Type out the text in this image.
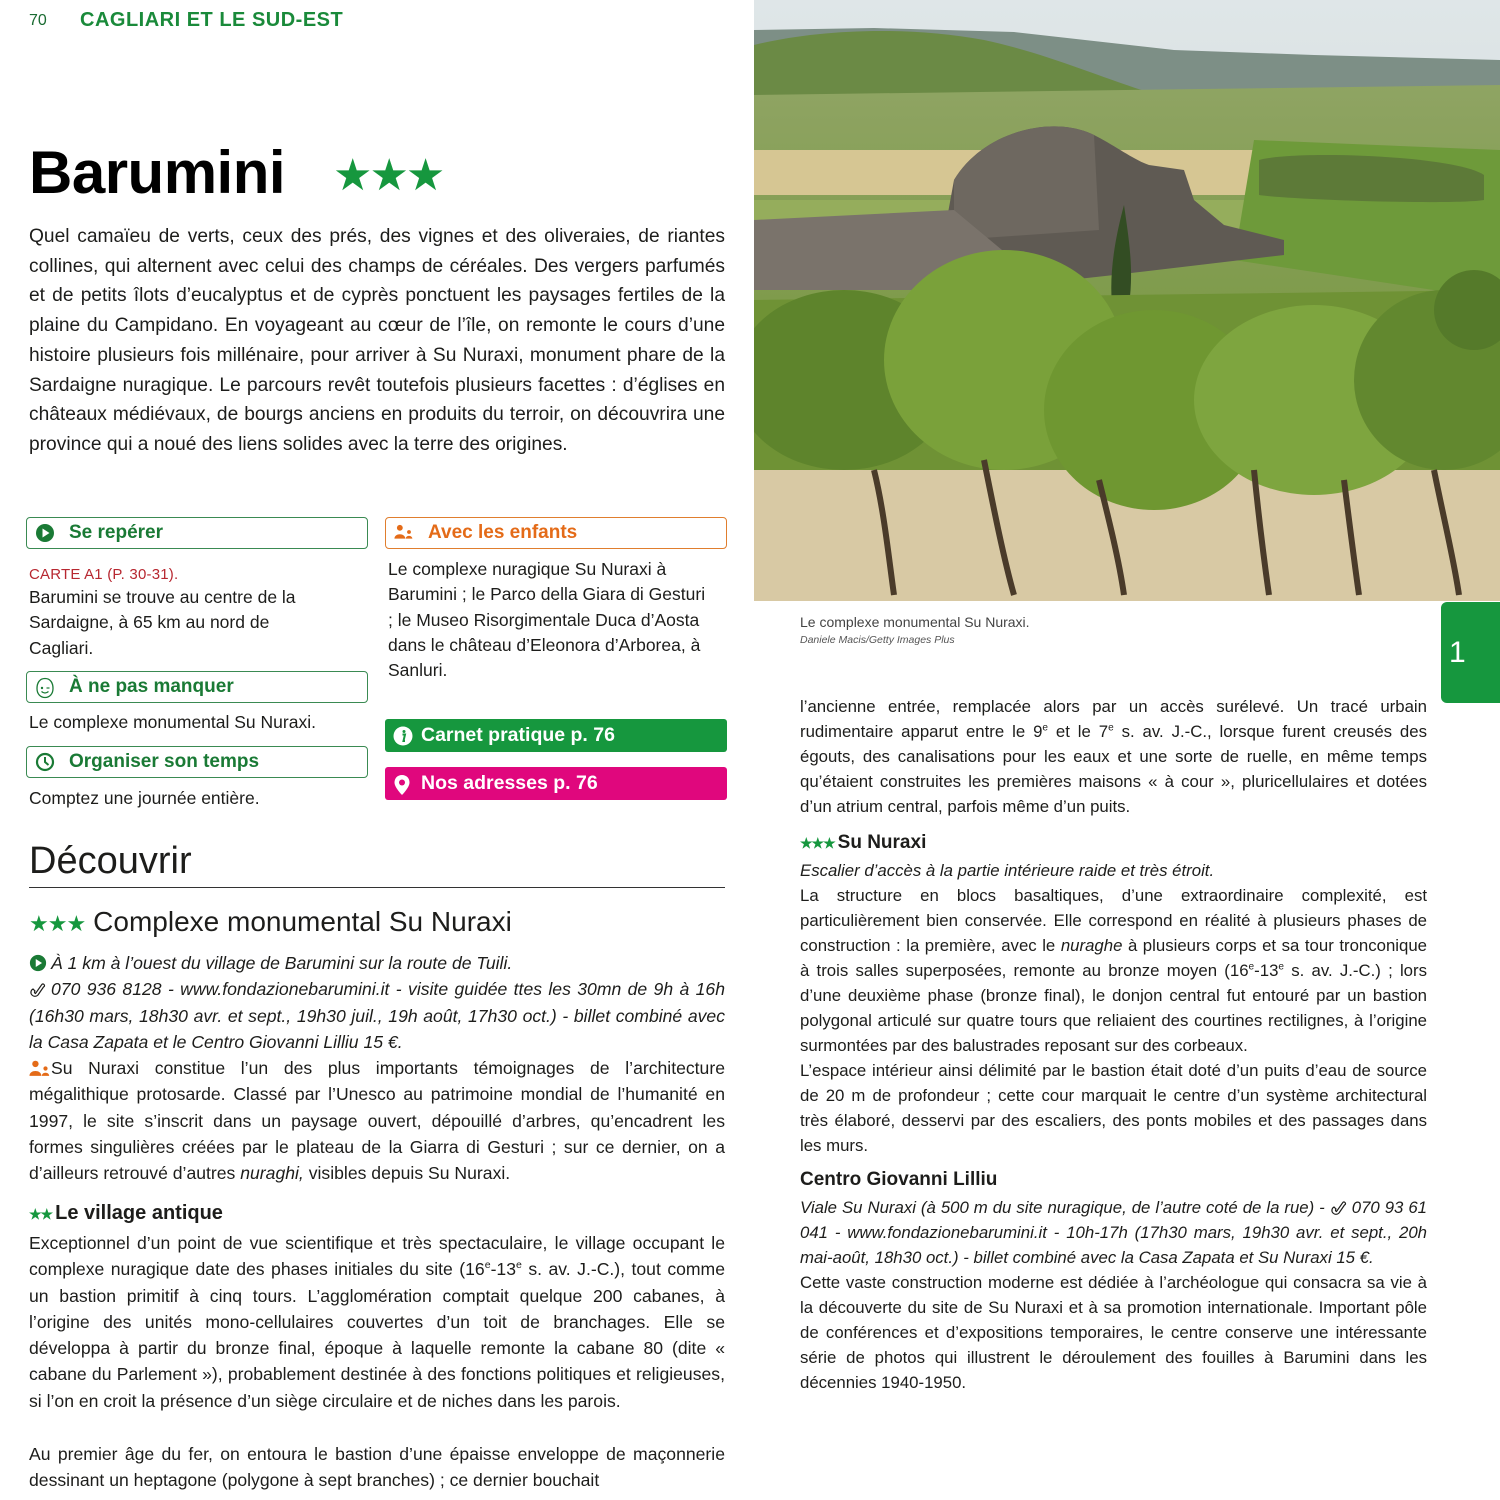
70 CAGLIARI ET LE SUD-EST
Barumini ★★★
Quel camaïeu de verts, ceux des prés, des vignes et des oliveraies, de riantes collines, qui alternent avec celui des champs de céréales. Des vergers parfumés et de petits îlots d’eucalyptus et de cyprès ponctuent les paysages fertiles de la plaine du Campidano. En voyageant au cœur de l’île, on remonte le cours d’une histoire plusieurs fois millénaire, pour arriver à Su Nuraxi, monument phare de la Sardaigne nuragique. Le parcours revêt toutefois plusieurs facettes : d’églises en châteaux médiévaux, de bourgs anciens en produits du terroir, on découvrira une province qui a noué des liens solides avec la terre des origines.
Se repérer
CARTE A1 (P. 30-31).
Barumini se trouve au centre de la Sardaigne, à 65 km au nord de Cagliari.
À ne pas manquer
Le complexe monumental Su Nuraxi.
Organiser son temps
Comptez une journée entière.
Avec les enfants
Le complexe nuragique Su Nuraxi à Barumini ; le Parco della Giara di Gesturi ; le Museo Risorgimentale Duca d’Aosta dans le château d’Eleonora d’Arborea, à Sanluri.
Carnet pratique p. 76
Nos adresses p. 76
Découvrir
★★★ Complexe monumental Su Nuraxi
À 1 km à l’ouest du village de Barumini sur la route de Tuili.
070 936 8128 - www.fondazionebarumini.it - visite guidée ttes les 30mn de 9h à 16h (16h30 mars, 18h30 avr. et sept., 19h30 juil., 19h août, 17h30 oct.) - billet combiné avec la Casa Zapata et le Centro Giovanni Lilliu 15 €.
Su Nuraxi constitue l’un des plus importants témoignages de l’architecture mégalithique protosarde. Classé par l’Unesco au patrimoine mondial de l’humanité en 1997, le site s’inscrit dans un paysage ouvert, dépouillé d’arbres, qu’encadrent les formes singulières créées par le plateau de la Giarra di Gesturi ; sur ce dernier, on a d’ailleurs retrouvé d’autres nuraghi, visibles depuis Su Nuraxi.
★★ Le village antique
Exceptionnel d’un point de vue scientifique et très spectaculaire, le village occupant le complexe nuragique date des phases initiales du site (16e-13e s. av. J.-C.), tout comme un bastion primitif à cinq tours. L’agglomération comptait quelque 200 cabanes, à l’origine des unités mono-cellulaires couvertes d’un toit de branchages. Elle se développa à partir du bronze final, époque à laquelle remonte la cabane 80 (dite « cabane du Parlement »), probablement destinée à des fonctions politiques et religieuses, si l’on en croit la présence d’un siège circulaire et de niches dans les parois.
Au premier âge du fer, on entoura le bastion d’une épaisse enveloppe de maçonnerie dessinant un heptagone (polygone à sept branches) ; ce dernier bouchait
Le complexe monumental Su Nuraxi.
Daniele Macis/Getty Images Plus	1
l’ancienne entrée, remplacée alors par un accès surélevé. Un tracé urbain rudimentaire apparut entre le 9e et le 7e s. av. J.-C., lorsque furent creusés des égouts, des canalisations pour les eaux et une sorte de ruelle, en même temps qu’étaient construites les premières maisons « à cour », pluricellulaires et dotées d’un atrium central, parfois même d’un puits.
★★★ Su Nuraxi
Escalier d’accès à la partie intérieure raide et très étroit.
La structure en blocs basaltiques, d’une extraordinaire complexité, est particulièrement bien conservée. Elle correspond en réalité à plusieurs phases de construction : la première, avec le nuraghe à plusieurs corps et sa tour tronconique à trois salles superposées, remonte au bronze moyen (16e-13e s. av. J.-C.) ; lors d’une deuxième phase (bronze final), le donjon central fut entouré par un bastion polygonal articulé sur quatre tours que reliaient des courtines rectilignes, à l’origine surmontées par des balustrades reposant sur des corbeaux.
L’espace intérieur ainsi délimité par le bastion était doté d’un puits d’eau de source de 20 m de profondeur ; cette cour marquait le centre d’un système architectural très élaboré, desservi par des escaliers, des ponts mobiles et des passages dans les murs.
Centro Giovanni Lilliu
Viale Su Nuraxi (à 500 m du site nuragique, de l’autre coté de la rue) - 070 93 61 041 - www.fondazionebarumini.it - 10h-17h (17h30 mars, 19h30 avr. et sept., 20h mai-août, 18h30 oct.) - billet combiné avec la Casa Zapata et Su Nuraxi 15 €.
Cette vaste construction moderne est dédiée à l’archéologue qui consacra sa vie à la découverte du site de Su Nuraxi et à sa promotion internationale. Important pôle de conférences et d’expositions temporaires, le centre conserve une intéressante série de photos qui illustrent le déroulement des fouilles à Barumini dans les décennies 1940-1950.
